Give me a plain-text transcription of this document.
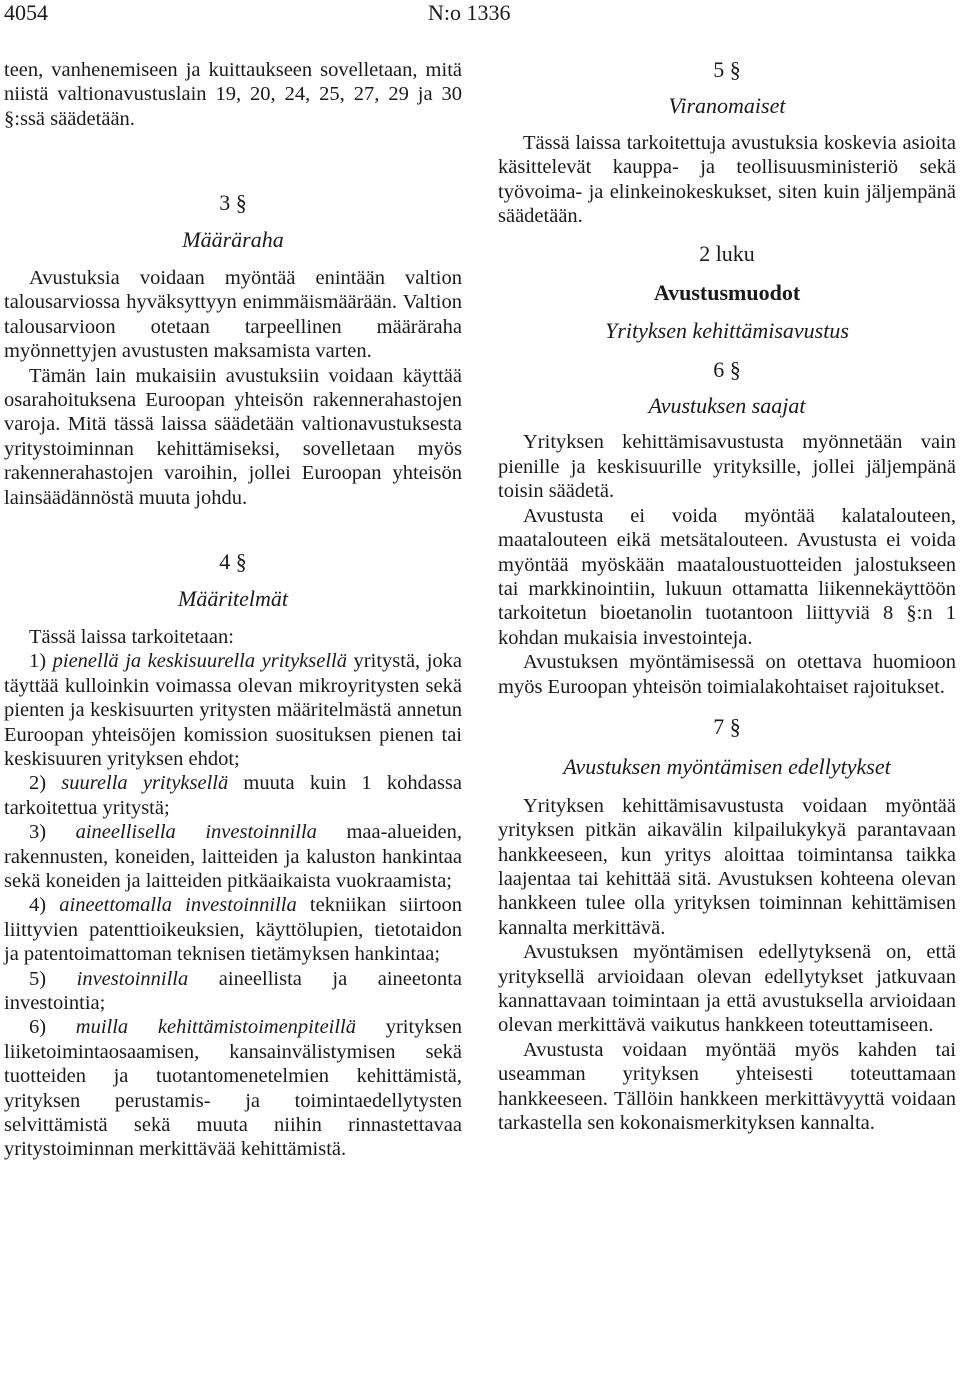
4054	N:o 1336

teen, vanhenemiseen ja kuittaukseen sovelletaan, mitä niistä valtionavustuslain 19, 20, 24, 25, 27, 29 ja 30 §:ssä säädetään.

3 §

Määräraha

Avustuksia voidaan myöntää enintään valtion talousarviossa hyväksyttyyn enimmäismäärään. Valtion talousarvioon otetaan tarpeellinen määräraha myönnettyjen avustusten maksamista varten.

Tämän lain mukaisiin avustuksiin voidaan käyttää osarahoituksena Euroopan yhteisön rakennerahastojen varoja. Mitä tässä laissa säädetään valtionavustuksesta yritystoiminnan kehittämiseksi, sovelletaan myös rakennerahastojen varoihin, jollei Euroopan yhteisön lainsäädännöstä muuta johdu.

4 §

Määritelmät

Tässä laissa tarkoitetaan:

1) pienellä ja keskisuurella yrityksellä yritystä, joka täyttää kulloinkin voimassa olevan mikroyritysten sekä pienten ja keskisuurten yritysten määritelmästä annetun Euroopan yhteisöjen komission suosituksen pienen tai keskisuuren yrityksen ehdot;

2) suurella yrityksellä muuta kuin 1 kohdassa tarkoitettua yritystä;

3) aineellisella investoinnilla maa-alueiden, rakennusten, koneiden, laitteiden ja kaluston hankintaa sekä koneiden ja laitteiden pitkäaikaista vuokraamista;

4) aineettomalla investoinnilla tekniikan siirtoon liittyvien patenttioikeuksien, käyttölupien, tietotaidon ja patentoimattoman teknisen tietämyksen hankintaa;

5) investoinnilla aineellista ja aineetonta investointia;

6) muilla kehittämistoimenpiteillä yrityksen liiketoimintaosaamisen, kansainvälistymisen sekä tuotteiden ja tuotantomenetelmien kehittämistä, yrityksen perustamis- ja toimintaedellytysten selvittämistä sekä muuta niihin rinnastettavaa yritystoiminnan merkittävää kehittämistä.

5 §

Viranomaiset

Tässä laissa tarkoitettuja avustuksia koskevia asioita käsittelevät kauppa- ja teollisuusministeriö sekä työvoima- ja elinkeinokeskukset, siten kuin jäljempänä säädetään.

2 luku

Avustusmuodot

Yrityksen kehittämisavustus

6 §

Avustuksen saajat

Yrityksen kehittämisavustusta myönnetään vain pienille ja keskisuurille yrityksille, jollei jäljempänä toisin säädetä.

Avustusta ei voida myöntää kalatalouteen, maatalouteen eikä metsätalouteen. Avustusta ei voida myöntää myöskään maataloustuotteiden jalostukseen tai markkinointiin, lukuun ottamatta liikennekäyttöön tarkoitetun bioetanolin tuotantoon liittyviä 8 §:n 1 kohdan mukaisia investointeja.

Avustuksen myöntämisessä on otettava huomioon myös Euroopan yhteisön toimialakohtaiset rajoitukset.

7 §

Avustuksen myöntämisen edellytykset

Yrityksen kehittämisavustusta voidaan myöntää yrityksen pitkän aikavälin kilpailukykyä parantavaan hankkeeseen, kun yritys aloittaa toimintansa taikka laajentaa tai kehittää sitä. Avustuksen kohteena olevan hankkeen tulee olla yrityksen toiminnan kehittämisen kannalta merkittävä.

Avustuksen myöntämisen edellytyksenä on, että yrityksellä arvioidaan olevan edellytykset jatkuvaan kannattavaan toimintaan ja että avustuksella arvioidaan olevan merkittävä vaikutus hankkeen toteuttamiseen.

Avustusta voidaan myöntää myös kahden tai useamman yrityksen yhteisesti toteuttamaan hankkeeseen. Tällöin hankkeen merkittävyyttä voidaan tarkastella sen kokonaismerkityksen kannalta.
